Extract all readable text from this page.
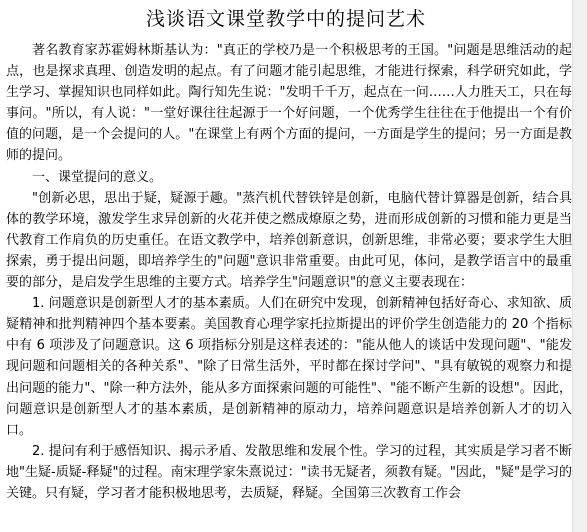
浅谈语文课堂教学中的提问艺术

著名教育家苏霍姆林斯基认为："真正的学校乃是一个积极思考的王国。"问题是思维活动的起点，也是探求真理、创造发明的起点。有了问题才能引起思维，才能进行探索，科学研究如此，学生学习、掌握知识也同样如此。陶行知先生说："发明千千万，起点在一问……人力胜天工，只在每事问。"所以，有人说："一堂好课往往起源于一个好问题，一个优秀学生往往在于他提出一个有价值的问题，是一个会提问的人。"在课堂上有两个方面的提问，一方面是学生的提问；另一方面是教师的提问。

一、课堂提问的意义。

"创新必思，思出于疑，疑源于趣。"蒸汽机代替铁锌是创新，电脑代替计算器是创新，结合具体的教学环境，激发学生求异创新的火花并使之燃成燎原之势，进而形成创新的习惯和能力更是当代教育工作肩负的历史重任。在语文教学中，培养创新意识，创新思维，非常必要；要求学生大胆探索，勇于提出问题，即培养学生的"问题"意识非常重要。由此可见，体问，是教学语言中的最重要的部分，是启发学生思维的主要方式。培养学生"问题意识"的意义主要表现在：

1. 问题意识是创新型人才的基本素质。人们在研究中发现，创新精神包括好奇心、求知欲、质疑精神和批判精神四个基本要素。美国教育心理学家托拉斯提出的评价学生创造能力的 20 个指标中有 6 项涉及了问题意识。这 6 项指标分别是这样表述的："能从他人的谈话中发现问题"、"能发现问题和问题相关的各种关系"、"除了日常生活外，平时都在探讨学问"、"具有敏锐的观察力和提出问题的能力"、"除一种方法外，能从多方面探索问题的可能性"、"能不断产生新的设想"。因此，问题意识是创新型人才的基本素质，是创新精神的原动力，培养问题意识是培养创新人才的切入口。

2. 提问有利于感悟知识、揭示矛盾、发散思维和发展个性。学习的过程，其实质是学习者不断地"生疑-质疑-释疑"的过程。南宋理学家朱熹说过："读书无疑者，须教有疑。"因此，"疑"是学习的关键。只有疑，学习者才能积极地思考，去质疑，释疑。全国第三次教育工作会
